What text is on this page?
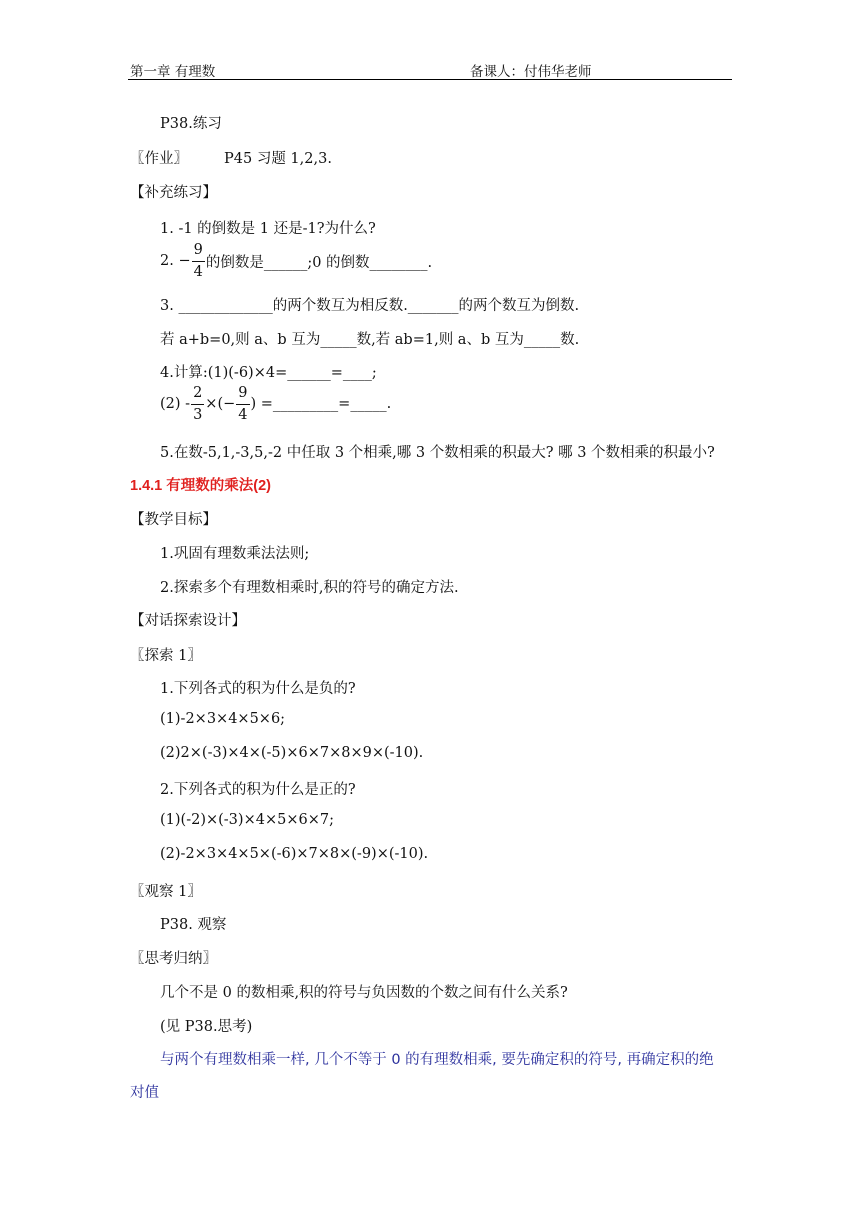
第一章 有理数	备课人：付伟华老师
P38.练习
〖作业〗 P45 习题 1,2,3.
【补充练习】
1. -1 的倒数是 1 还是-1?为什么?
2. − $\frac{9}{4}$ 的倒数是______;0 的倒数________.
3. _____________的两个数互为相反数._______的两个数互为倒数.
若 a+b=0,则 a、b 互为_____数,若 ab=1,则 a、b 互为_____数.
4.计算:(1)(-6)×4=______=____;
$(2) - \frac{2}{3}$ ×(− $\frac{9}{4}$ ) =_________=_____.
5.在数-5,1,-3,5,-2 中任取 3 个相乘,哪 3 个数相乘的积最大? 哪 3 个数相乘的积最小?
1.4.1 有理数的乘法(2)
【教学目标】
1.巩固有理数乘法法则;
2.探索多个有理数相乘时,积的符号的确定方法.
【对话探索设计】
〖探索 1〗
1.下列各式的积为什么是负的?
(1)-2×3×4×5×6;
(2)2×(-3)×4×(-5)×6×7×8×9×(-10).
2.下列各式的积为什么是正的?
(1)(-2)×(-3)×4×5×6×7;
(2)-2×3×4×5×(-6)×7×8×(-9)×(-10).
〖观察 1〗
P38. 观察
〖思考归纳〗
几个不是 0 的数相乘,积的符号与负因数的个数之间有什么关系?
(见 P38.思考)
与两个有理数相乘一样, 几个不等于 0 的有理数相乘, 要先确定积的符号, 再确定积的绝
对值
